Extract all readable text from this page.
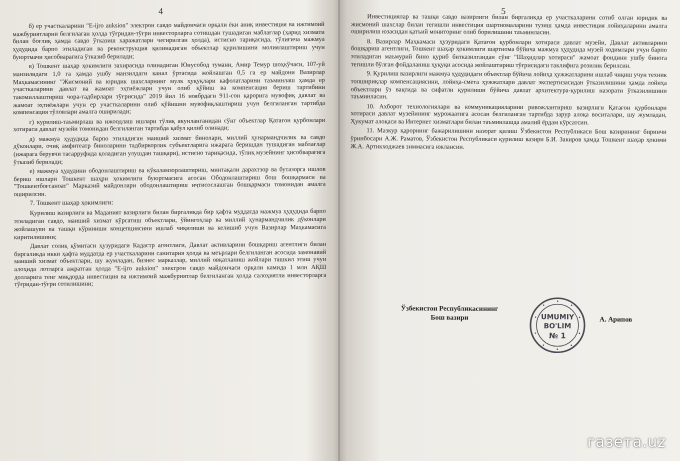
4

б) ер участкаларини "E-ijro auksion" электрон савдо майдончаси орқали ёки аниқ инвестиция ва ижтимоий мажбуриятларни белгилаган ҳолда тўғридан-тўғри инвесторларга сотишдан тушадиган маблағлар (ҳарид хизмати билан боғлиқ ҳамда савдо ўтказиш харажатлари чегирилган ҳолда), истисно тариқасида, тўлиғича мажмуа ҳудудида барпо этиладиган ва реконструкция қилинадиган объектлар қурилишини молиялаштириш учун буюртмачи ҳисобварағига ўтказиб берилади;

в) Тошкент шаҳар ҳокимлиги захирасида олинадиган Юнусобод тумани, Амир Темур шоҳкўчаси, 107-уй манзилидаги 1,0 га ҳамда ушбу манзилдаги канал ўртасида жойлашган 0,5 га ер майдони Вазирлар Маҳкамасининг "Жисмоний ва юридик шахсларнинг мулк ҳуқуқлари кафолатларини таъминлаш ҳамда ер участкаларини давлат ва жамоат эҳтиёжлари учун олиб қўйиш ва компенсация бериш тартибини такомиллаштириш чора-тадбирлари тўғрисида" 2019 йил 16 ноябрдаги 911-сон қарорига мувофиқ давлат ва жамоат эҳтиёжлари учун ер участкаларини олиб қўйишни мувофиқлаштириш учун белгиланган тартибда компенсация тўловлари амалга оширилади;

г) курилиш-таъмирлаш ва ижоодлаш ишлари тўлиқ якунланганидан сўнг объектлар Қатағон қурбонлари хотираси давлат музейи томонидан белгиланган тартибда қабул қилиб олинади;

д) мажмуа ҳудудида барпо этиладиган маиший хизмат бинолари, миллий ҳунармандчилик ва савдо дўконлари, очиқ амфитеатр биноларини тадбиркорлик субъектларига ижарага беришдан тушадиган маблағлар (ижарага берувчи тасарруфида қоладиган улушдан ташқари), истисно тариқасида, тўлиқ музейнинг ҳисобварағига ўтказиб берилади;

е) мажмуа ҳудудини ободонлаштириш ва кўкаламзорлаштириш, минтақали дарахтзор ва бутазорга ишлов бериш ишлари Тошкент шаҳри ҳокимлиги буюртмасига асосан Ободонлаштириш бош бошқармаси ва "Тошкентбоғсаноат" Марказий майдонлари ободонлаштириш иҷтисослашган бошқармаси томонидан амалга оширилсин.

7. Тошкент шаҳар ҳокимлиги:

Қурилиш вазирлиги ва Маданият вазирлиги билан биргаликда бир ҳафта муддатда мажмуа ҳудудида барпо этиладиган савдо, маиший хизмат кўрсатиш объектлари, ўйингоҳлар ва миллий ҳунармандчилик дўконлари жойлашуви ва ташқи кўриниши концепциясини ишлаб чиқилиши ва келишиб учун Вазирлар Маҳкамасига киритилишини;

Давлат солиқ қўмитаси ҳузуридаги Кадастр агентлиги, Давлат активларини бошқариш агентлиги билан биргаликда икки ҳафта муддатда ер участкаларини санитария ҳолда ва меърлари белгиланган асосида замонавий маиший хизмат объектлари, шу жумладан, бизнес марказлар, миллий овқатланиш жойлари ташкил этиш учун алоҳида лотларга ажратган ҳолда "E-ijro auksion" электрон савдо майдончаси орқали камида 1 млн АҚШ долларига тенг миқдорда инвестиция ва ижтимоий мажбуриятлар белгиланган ҳолда салоҳиятли инвесторларга тўғридан-тўғри сотилишини;

5

Инвестициялар ва ташқи савдо вазирлиги билан биргаликда ер участкаларини сотиб олган юридик ва жисмоний шахслар билан тегишли инвестиция шартномаларини тузиш ҳамда инвестиция лойиҳаларини амалга оширилиш юзасидан қатъий мониторинг олиб борилишини таъминласин.

8. Вазирлар Маҳкамаси ҳузуридаги Қатағон қурбонлари хотираси давлат музейи, Давлат активларини бошқариш агентлиги, Тошкент шаҳар ҳокимлиги шартнома бўйича мажмуа ҳудудида музей ходимлари учун барпо этиладиган маъмурий бино қуриб битказилгандан сўнг "Шаҳидлар хотираси" жамоат фондини ушбу бинога тегишли бўлган фойдаланиш ҳуқуқи асосида жойлаштириш тўғрисидаги таклифига розилик берилсин.

9. Қурилиш вазирлиги мажмуа ҳудудидаги объектлар бўйича лойиҳа ҳужжатларини ишлаб чиқиш учун техник топшириқлар компенсациясини, лойиҳа-смета ҳужжатлари давлат экспертизасидан ўтказилишини ҳамда лойиҳа объектлари ўз вақтида ва сифатли қурилиши бўйича давлат архитектура-қурилиш назорати ўтказилишини таъминласин.

10. Ахборот технологиялари ва коммуникацияларини ривожлантириш вазирлиги Қатағон қурбонлари хотираси давлат музейининг мурожаатига асосан белгиланган тартибда зарур алоқа воситалари, шу жумладан, Ҳукумат алоқаси ва Интернет хизматлари билан таъминлашда амалий ёрдам кўрсатсин.

11. Мазкур қарорнинг бажарилишини назорат қилиш Ўзбекистон Республикаси Бош вазирининг биринчи ўринбосари А.Ж. Раматов, Ўзбекистон Республикаси қурилиш вазири Б.И. Закиров ҳамда Тошкент шаҳар ҳокими Ж.А. Артикходжаев зиммасига юклансин.

Ўзбекистон Республикасининг
Бош вазири	UMUMIY
BO'LIM
№ 1
А. Арипов
газета.uz
